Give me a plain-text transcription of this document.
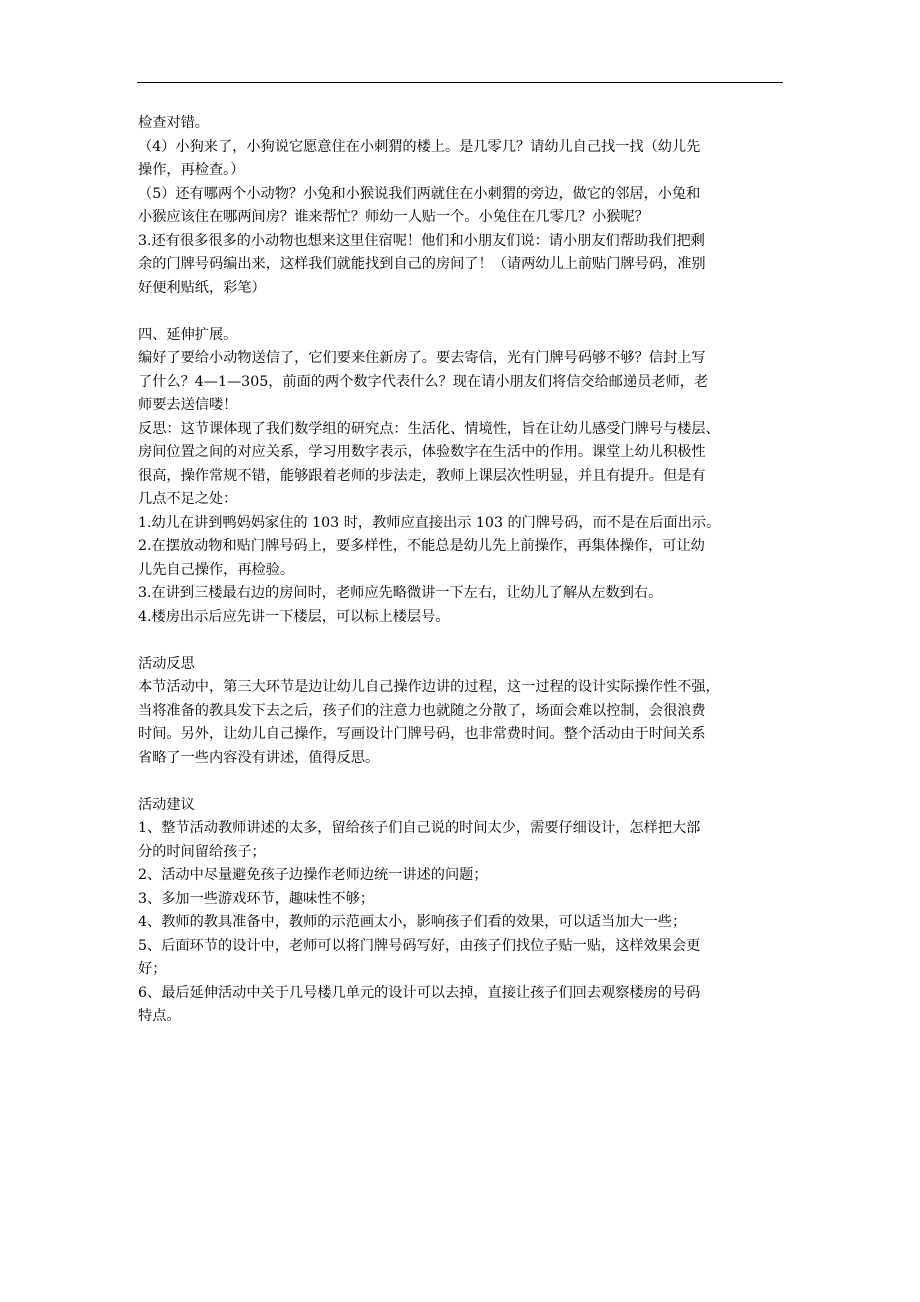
检查对错。

（4）小狗来了，小狗说它愿意住在小刺猬的楼上。是几零几？请幼儿自己找一找（幼儿先

操作，再检查。）

（5）还有哪两个小动物？小兔和小猴说我们两就住在小刺猬的旁边，做它的邻居，小兔和

小猴应该住在哪两间房？谁来帮忙？师幼一人贴一个。小兔住在几零几？小猴呢？

3.还有很多很多的小动物也想来这里住宿呢！他们和小朋友们说：请小朋友们帮助我们把剩

余的门牌号码编出来，这样我们就能找到自己的房间了！（请两幼儿上前贴门牌号码，准别

好便利贴纸，彩笔）

四、延伸扩展。

编好了要给小动物送信了，它们要来住新房了。要去寄信，光有门牌号码够不够？信封上写

了什么？4—1—305，前面的两个数字代表什么？现在请小朋友们将信交给邮递员老师，老

师要去送信喽！

反思：这节课体现了我们数学组的研究点：生活化、情境性，旨在让幼儿感受门牌号与楼层、

房间位置之间的对应关系，学习用数字表示，体验数字在生活中的作用。课堂上幼儿积极性

很高，操作常规不错，能够跟着老师的步法走，教师上课层次性明显，并且有提升。但是有

几点不足之处：

1.幼儿在讲到鸭妈妈家住的 103 时，教师应直接出示 103 的门牌号码，而不是在后面出示。

2.在摆放动物和贴门牌号码上，要多样性，不能总是幼儿先上前操作，再集体操作，可让幼

儿先自己操作，再检验。

3.在讲到三楼最右边的房间时，老师应先略微讲一下左右，让幼儿了解从左数到右。

4.楼房出示后应先讲一下楼层，可以标上楼层号。

活动反思

本节活动中，第三大环节是边让幼儿自己操作边讲的过程，这一过程的设计实际操作性不强，

当将准备的教具发下去之后，孩子们的注意力也就随之分散了，场面会难以控制，会很浪费

时间。另外，让幼儿自己操作，写画设计门牌号码，也非常费时间。整个活动由于时间关系

省略了一些内容没有讲述，值得反思。

活动建议

1、整节活动教师讲述的太多，留给孩子们自己说的时间太少，需要仔细设计，怎样把大部

分的时间留给孩子；

2、活动中尽量避免孩子边操作老师边统一讲述的问题；

3、多加一些游戏环节，趣味性不够；

4、教师的教具准备中，教师的示范画太小，影响孩子们看的效果，可以适当加大一些；

5、后面环节的设计中，老师可以将门牌号码写好，由孩子们找位子贴一贴，这样效果会更

好；

6、最后延伸活动中关于几号楼几单元的设计可以去掉，直接让孩子们回去观察楼房的号码

特点。
